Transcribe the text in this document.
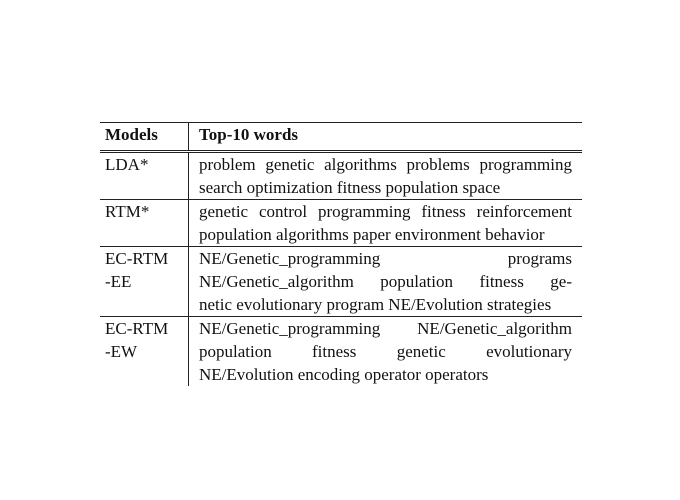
Models	Top-10 words
LDA*	problem genetic algorithms problems programming
search optimization fitness population space

RTM*	genetic control programming fitness reinforcement
population algorithms paper environment behavior

EC-RTM
-EE	NE/Genetic_programming programs
NE/Genetic_algorithm population fitness ge-
netic evolutionary program NE/Evolution strategies

EC-RTM
-EW	NE/Genetic_programming NE/Genetic_algorithm
population fitness genetic evolutionary
NE/Evolution encoding operator operators
